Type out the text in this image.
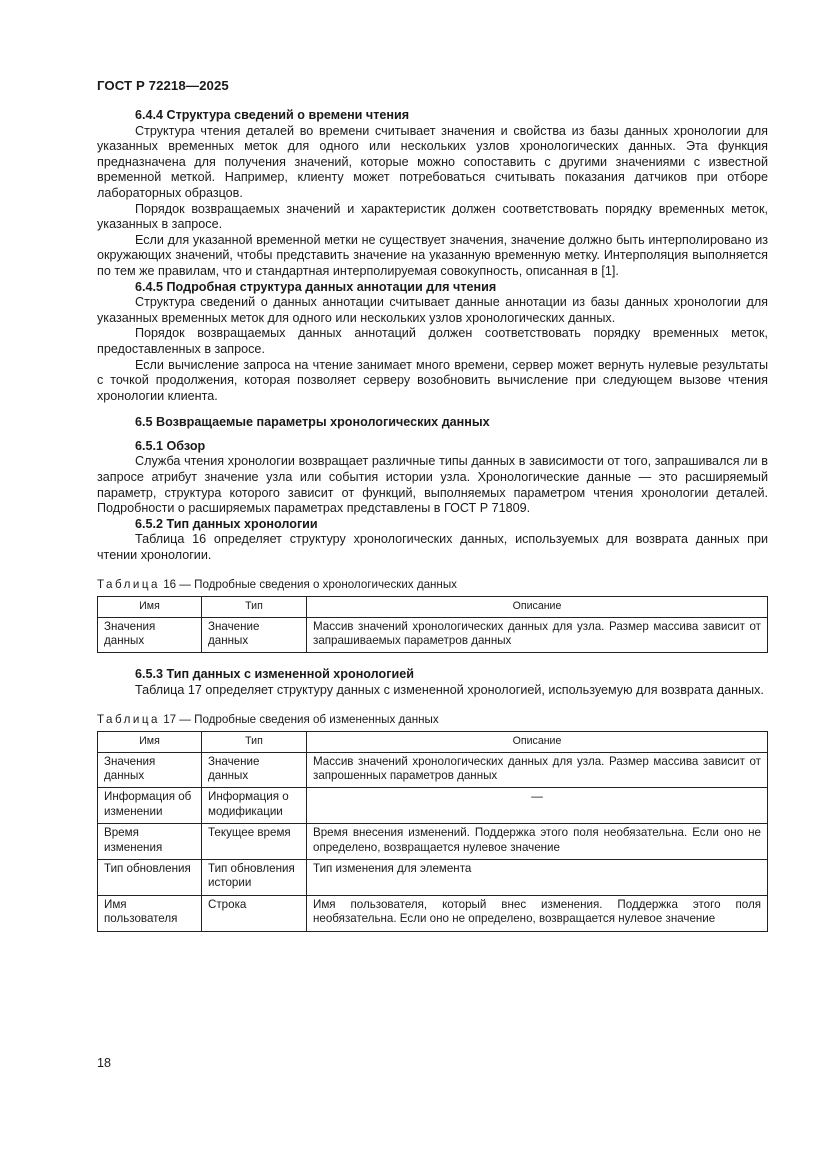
ГОСТ Р 72218—2025

6.4.4 Структура сведений о времени чтения

Структура чтения деталей во времени считывает значения и свойства из базы данных хронологии для указанных временных меток для одного или нескольких узлов хронологических данных. Эта функция предназначена для получения значений, которые можно сопоставить с другими значениями с известной временной меткой. Например, клиенту может потребоваться считывать показания датчиков при отборе лабораторных образцов.

Порядок возвращаемых значений и характеристик должен соответствовать порядку временных меток, указанных в запросе.

Если для указанной временной метки не существует значения, значение должно быть интерполировано из окружающих значений, чтобы представить значение на указанную временную метку. Интерполяция выполняется по тем же правилам, что и стандартная интерполируемая совокупность, описанная в [1].

6.4.5 Подробная структура данных аннотации для чтения

Структура сведений о данных аннотации считывает данные аннотации из базы данных хронологии для указанных временных меток для одного или нескольких узлов хронологических данных.

Порядок возвращаемых данных аннотаций должен соответствовать порядку временных меток, предоставленных в запросе.

Если вычисление запроса на чтение занимает много времени, сервер может вернуть нулевые результаты с точкой продолжения, которая позволяет серверу возобновить вычисление при следующем вызове чтения хронологии клиента.

6.5 Возвращаемые параметры хронологических данных

6.5.1 Обзор

Служба чтения хронологии возвращает различные типы данных в зависимости от того, запрашивался ли в запросе атрибут значение узла или события истории узла. Хронологические данные — это расширяемый параметр, структура которого зависит от функций, выполняемых параметром чтения хронологии деталей. Подробности о расширяемых параметрах представлены в ГОСТ Р 71809.

6.5.2 Тип данных хронологии

Таблица 16 определяет структуру хронологических данных, используемых для возврата данных при чтении хронологии.

Таблица 16 — Подробные сведения о хронологических данных

Имя	Тип	Описание
Значения данных	Значение данных	Массив значений хронологических данных для узла. Размер массива зависит от запрашиваемых параметров данных

6.5.3 Тип данных с измененной хронологией

Таблица 17 определяет структуру данных с измененной хронологией, используемую для возврата данных.

Таблица 17 — Подробные сведения об измененных данных

Имя	Тип	Описание
Значения данных	Значение данных	Массив значений хронологических данных для узла. Размер массива зависит от запрошенных параметров данных
Информация об изменении	Информация о модификации	—
Время изменения	Текущее время	Время внесения изменений. Поддержка этого поля необязательна. Если оно не определено, возвращается нулевое значение
Тип обновления	Тип обновления истории	Тип изменения для элемента
Имя пользователя	Строка	Имя пользователя, который внес изменения. Поддержка этого поля необязательна. Если оно не определено, возвращается нулевое значение
18
